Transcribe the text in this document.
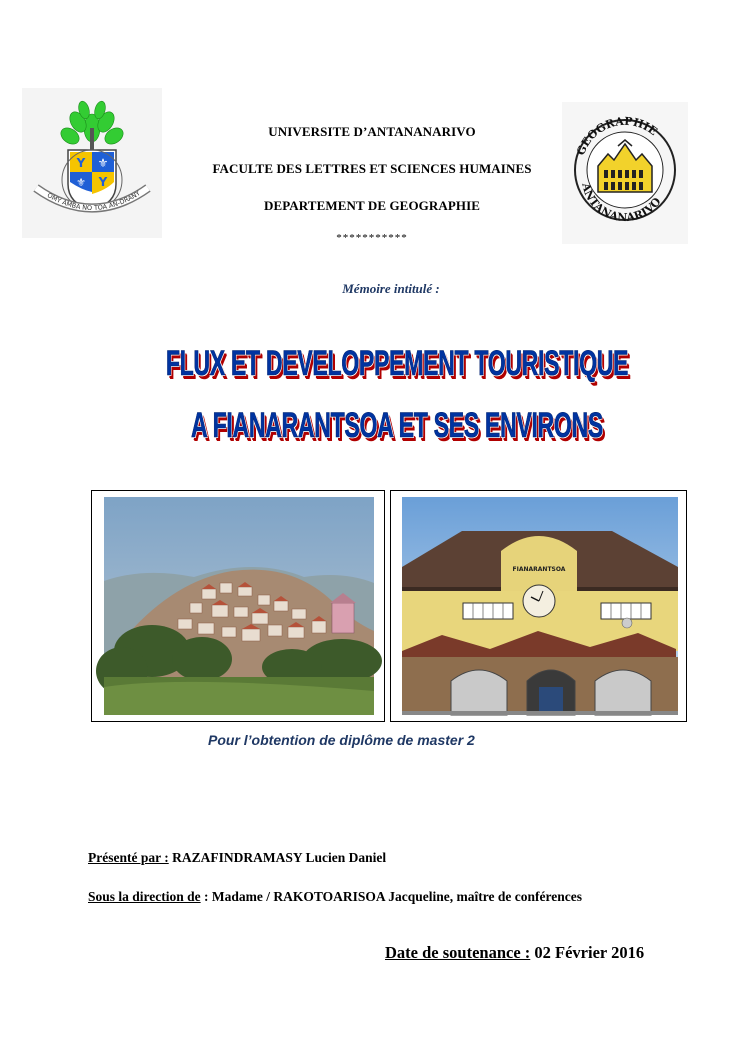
Y ⚜
⚜ Y
OMY AMBA NO TOA AN-DRANY
GEOGRAPHIE
ANTANANARIVO
UNIVERSITE D’ANTANANARIVO
FACULTE DES LETTRES ET SCIENCES HUMAINES
DEPARTEMENT DE GEOGRAPHIE
***********
Mémoire intitulé :
FLUX ET DEVELOPPEMENT TOURISTIQUE
A FIANARANTSOA ET SES ENVIRONS
FIANARANTSOA
Pour l’obtention de diplôme de master 2
Présenté par : RAZAFINDRAMASY Lucien Daniel
Sous la direction de : Madame / RAKOTOARISOA Jacqueline, maître de conférences
Date de soutenance : 02 Février 2016
